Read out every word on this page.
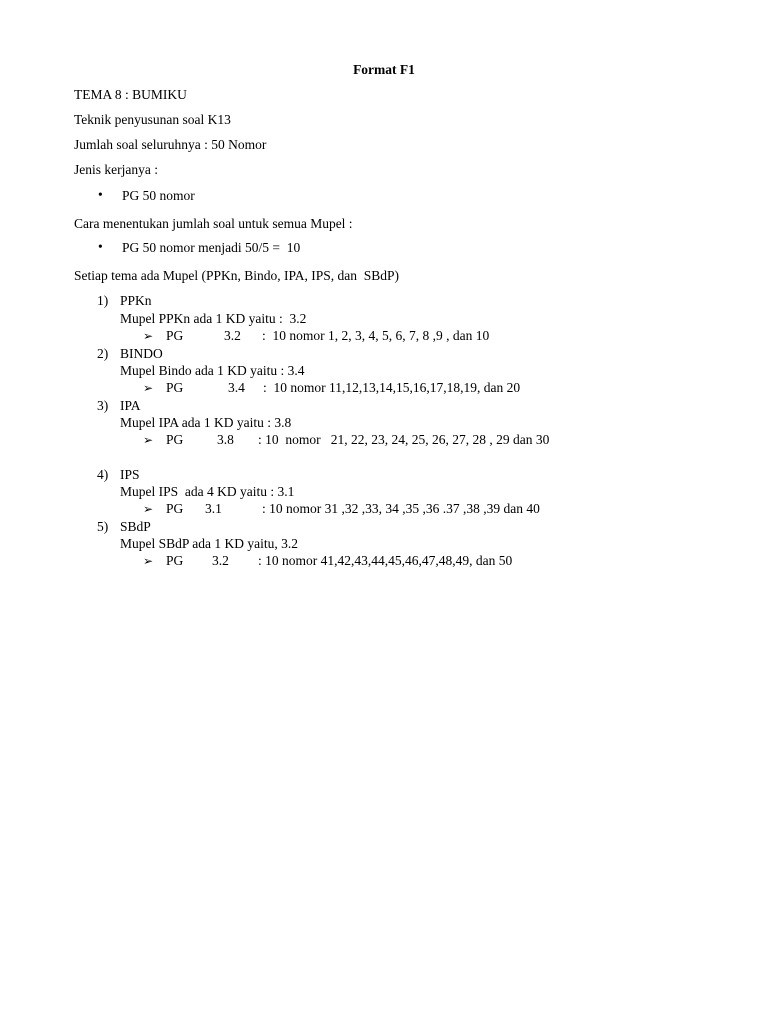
Format F1
TEMA 8 : BUMIKU
Teknik penyusunan soal K13
Jumlah soal seluruhnya : 50 Nomor
Jenis kerjanya :
• PG 50 nomor
Cara menentukan jumlah soal untuk semua Mupel :
• PG 50 nomor menjadi 50/5 =  10
Setiap tema ada Mupel (PPKn, Bindo, IPA, IPS, dan  SBdP)
1) PPKn
Mupel PPKn ada 1 KD yaitu :  3.2
➢ PG	3.2 :  10 nomor 1, 2, 3, 4, 5, 6, 7, 8 ,9 , dan 10
2) BINDO
Mupel Bindo ada 1 KD yaitu : 3.4
➢ PG	3.4 :  10 nomor 11,12,13,14,15,16,17,18,19, dan 20
3) IPA
Mupel IPA ada 1 KD yaitu : 3.8
➢ PG 3.8 : 10  nomor   21, 22, 23, 24, 25, 26, 27, 28 , 29 dan 30
4) IPS
Mupel IPS  ada 4 KD yaitu : 3.1
➢ PG 3.1	: 10 nomor 31 ,32 ,33, 34 ,35 ,36 .37 ,38 ,39 dan 40
5) SBdP
Mupel SBdP ada 1 KD yaitu, 3.2
➢ PG 3.2 : 10 nomor 41,42,43,44,45,46,47,48,49, dan 50
